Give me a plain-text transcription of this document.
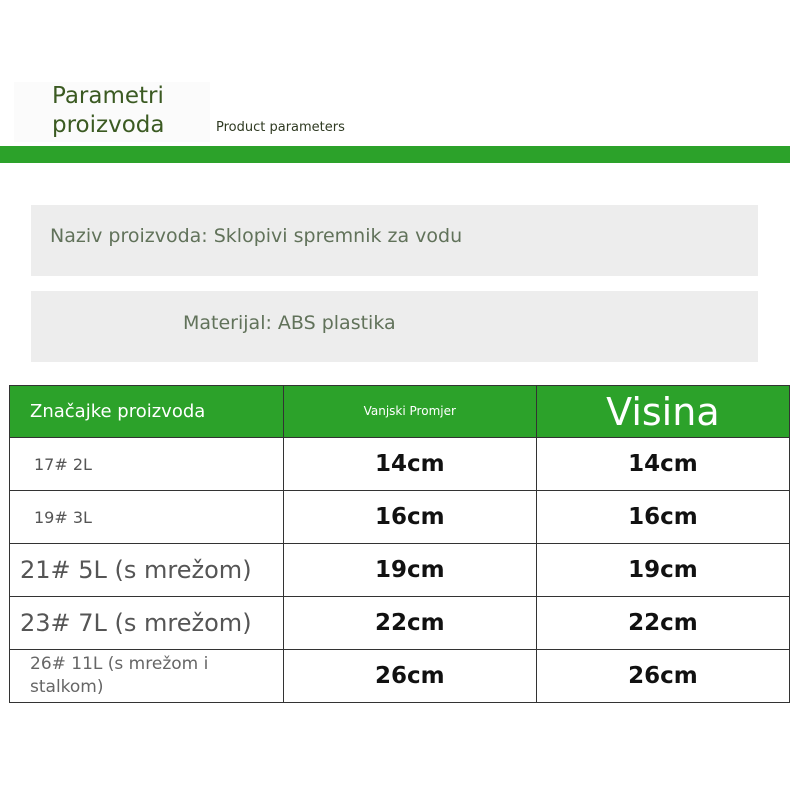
Parametri proizvoda	Product parameters
Naziv proizvoda: Sklopivi spremnik za vodu
Materijal: ABS plastika
Značajke proizvoda	Vanjski Promjer	Visina
17# 2L	14cm	14cm
19# 3L	16cm	16cm
21# 5L (s mrežom)	19cm	19cm
23# 7L (s mrežom)	22cm	22cm
26# 11L (s mrežom i stalkom)	26cm	26cm
